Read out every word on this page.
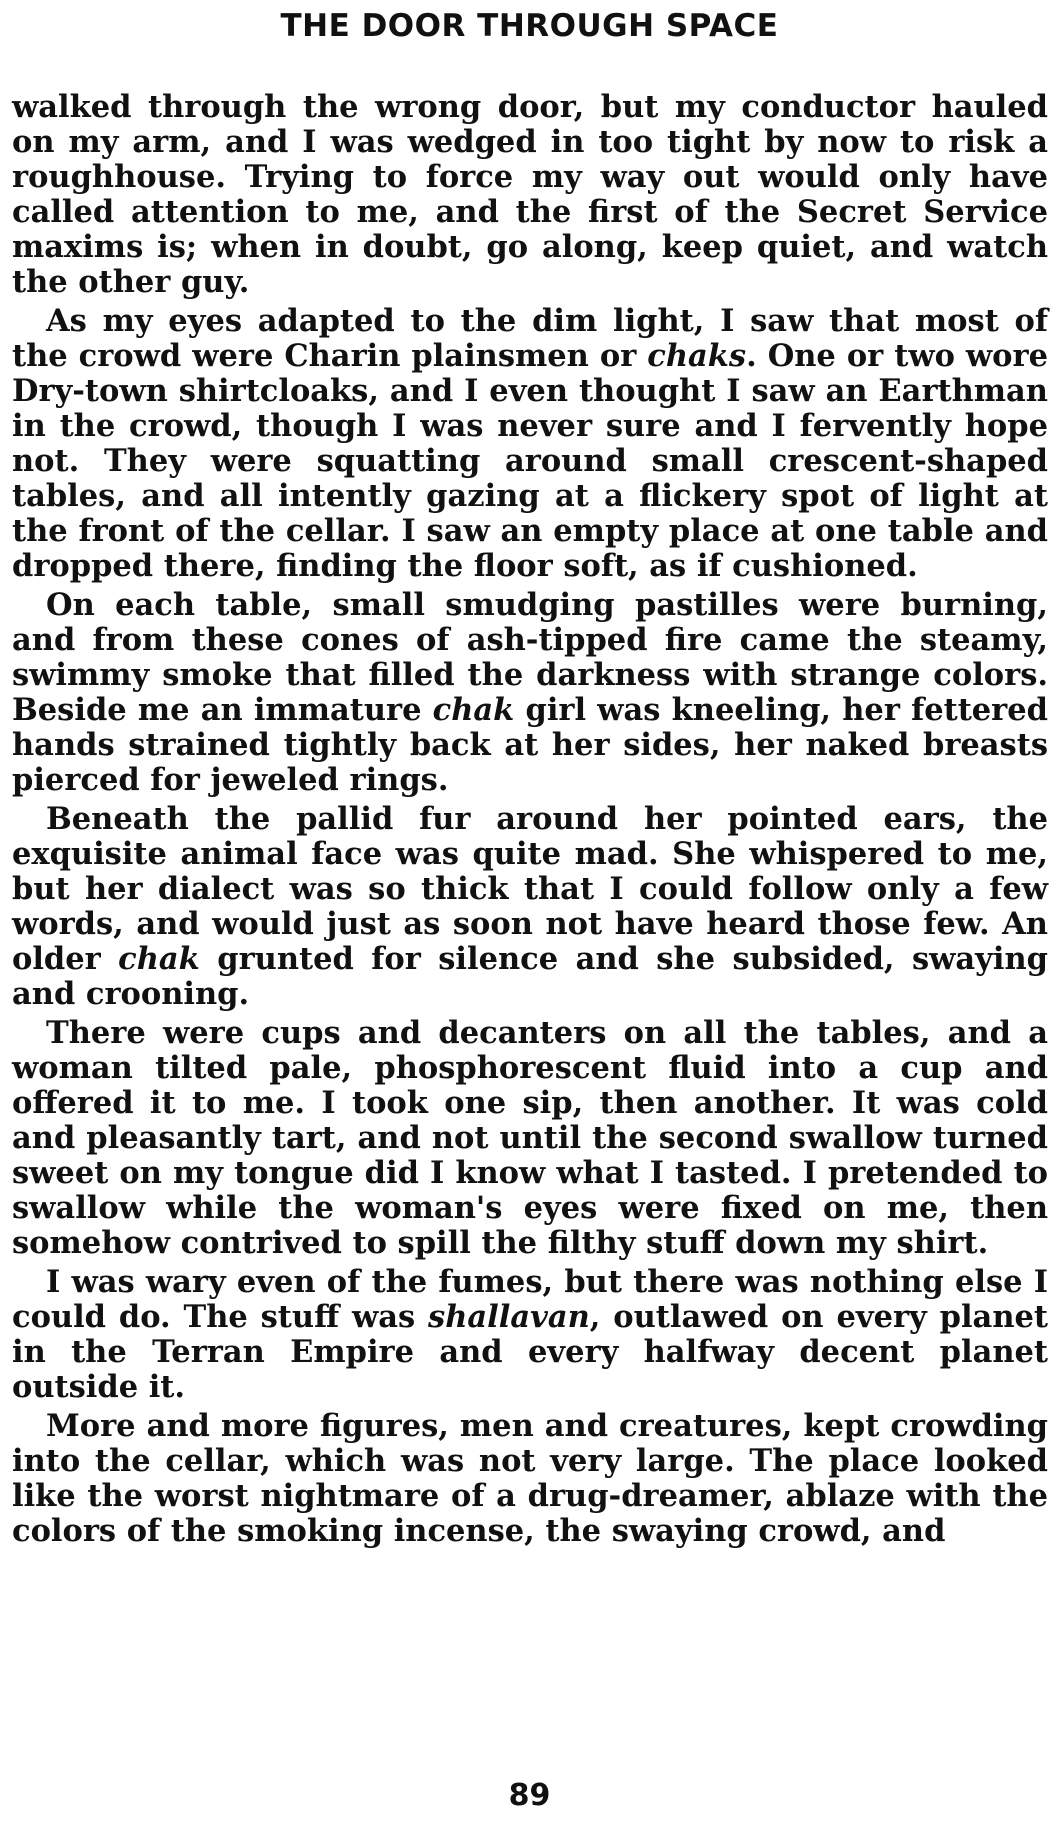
THE DOOR THROUGH SPACE

walked through the wrong door, but my conductor hauled on my arm, and I was wedged in too tight by now to risk a roughhouse. Trying to force my way out would only have called attention to me, and the first of the Secret Service maxims is; when in doubt, go along, keep quiet, and watch the other guy.

As my eyes adapted to the dim light, I saw that most of the crowd were Charin plainsmen or chaks. One or two wore Dry-town shirtcloaks, and I even thought I saw an Earthman in the crowd, though I was never sure and I fervently hope not. They were squatting around small crescent-shaped tables, and all intently gazing at a flickery spot of light at the front of the cellar. I saw an empty place at one table and dropped there, finding the floor soft, as if cushioned.

On each table, small smudging pastilles were burning, and from these cones of ash-tipped fire came the steamy, swimmy smoke that filled the darkness with strange colors. Beside me an immature chak girl was kneeling, her fettered hands strained tightly back at her sides, her naked breasts pierced for jeweled rings.

Beneath the pallid fur around her pointed ears, the exquisite animal face was quite mad. She whispered to me, but her dialect was so thick that I could follow only a few words, and would just as soon not have heard those few. An older chak grunted for silence and she subsided, swaying and crooning.

There were cups and decanters on all the tables, and a woman tilted pale, phosphorescent fluid into a cup and offered it to me. I took one sip, then another. It was cold and pleasantly tart, and not until the second swallow turned sweet on my tongue did I know what I tasted. I pretended to swallow while the woman's eyes were fixed on me, then somehow contrived to spill the filthy stuff down my shirt.

I was wary even of the fumes, but there was nothing else I could do. The stuff was shallavan, outlawed on every planet in the Terran Empire and every halfway decent planet outside it.

More and more figures, men and creatures, kept crowding into the cellar, which was not very large. The place looked like the worst nightmare of a drug-dreamer, ablaze with the colors of the smoking incense, the swaying crowd, and

89
